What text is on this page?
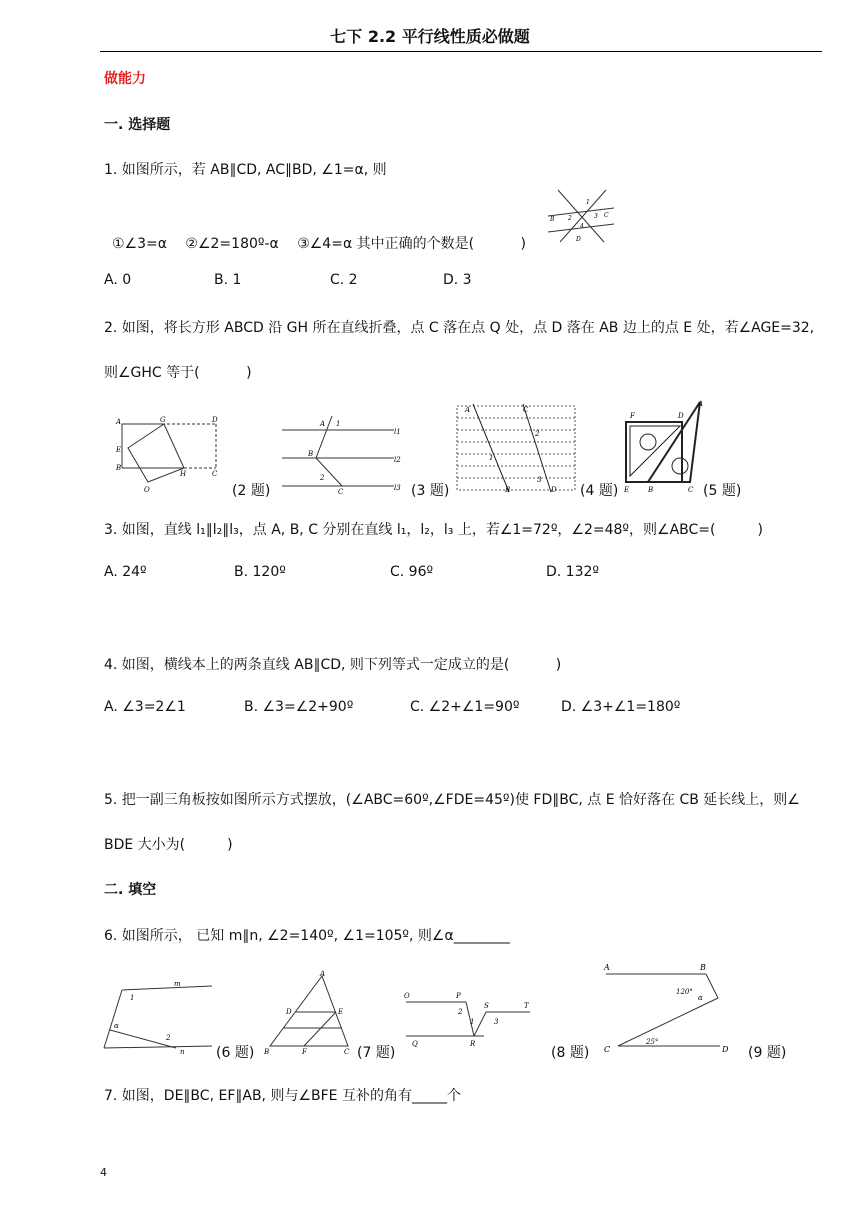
七下 2.2 平行线性质必做题
做能力
一. 选择题
1. 如图所示，若 AB∥CD, AC∥BD, ∠1=α, 则
①∠3=α　 ②∠2=180º-α　 ③∠4=α 其中正确的个数是(　　　 )
B 2
1
4
3 C
D
A. 0	B. 1	C. 2	D. 3
2. 如图，将长方形 ABCD 沿 GH 所在直线折叠，点 C 落在点 Q 处，点 D 落在 AB 边上的点 E 处，若∠AGE=32,
则∠GHC 等于(　　　 )
A	G	D
E
B
H	C
O	(2 题)
A 1
B
2
C
l1
l2
l3 (3 题)
A	C
2
1
3
B	D (4 题)
F	D
A
E	B	C (5 题)
3. 如图，直线 l₁∥l₂∥l₃，点 A, B, C 分别在直线 l₁，l₂，l₃ 上，若∠1=72º，∠2=48º，则∠ABC=(　　　)
A. 24º	B. 120º	C. 96º	D. 132º
4. 如图，横线本上的两条直线 AB∥CD, 则下列等式一定成立的是(　　　 )
A. ∠3=2∠1	B. ∠3=∠2+90º	C. ∠2+∠1=90º	D. ∠3+∠1=180º
5. 把一副三角板按如图所示方式摆放，(∠ABC=60º,∠FDE=45º)使 FD∥BC, 点 E 恰好落在 CB 延长线上，则∠
BDE 大小为(　　　)
二. 填空
6. 如图所示， 已知 m∥n, ∠2=140º, ∠1=105º, 则∠α________
m
1
α
2
n (6 题)
A
D	E
B	F	C (7 题)
O	P
2
1
S
3
T
Q	R
(8 题)
A	B
120°
α
C
25°
D (9 题)
7. 如图，DE∥BC, EF∥AB, 则与∠BFE 互补的角有_____个
4
